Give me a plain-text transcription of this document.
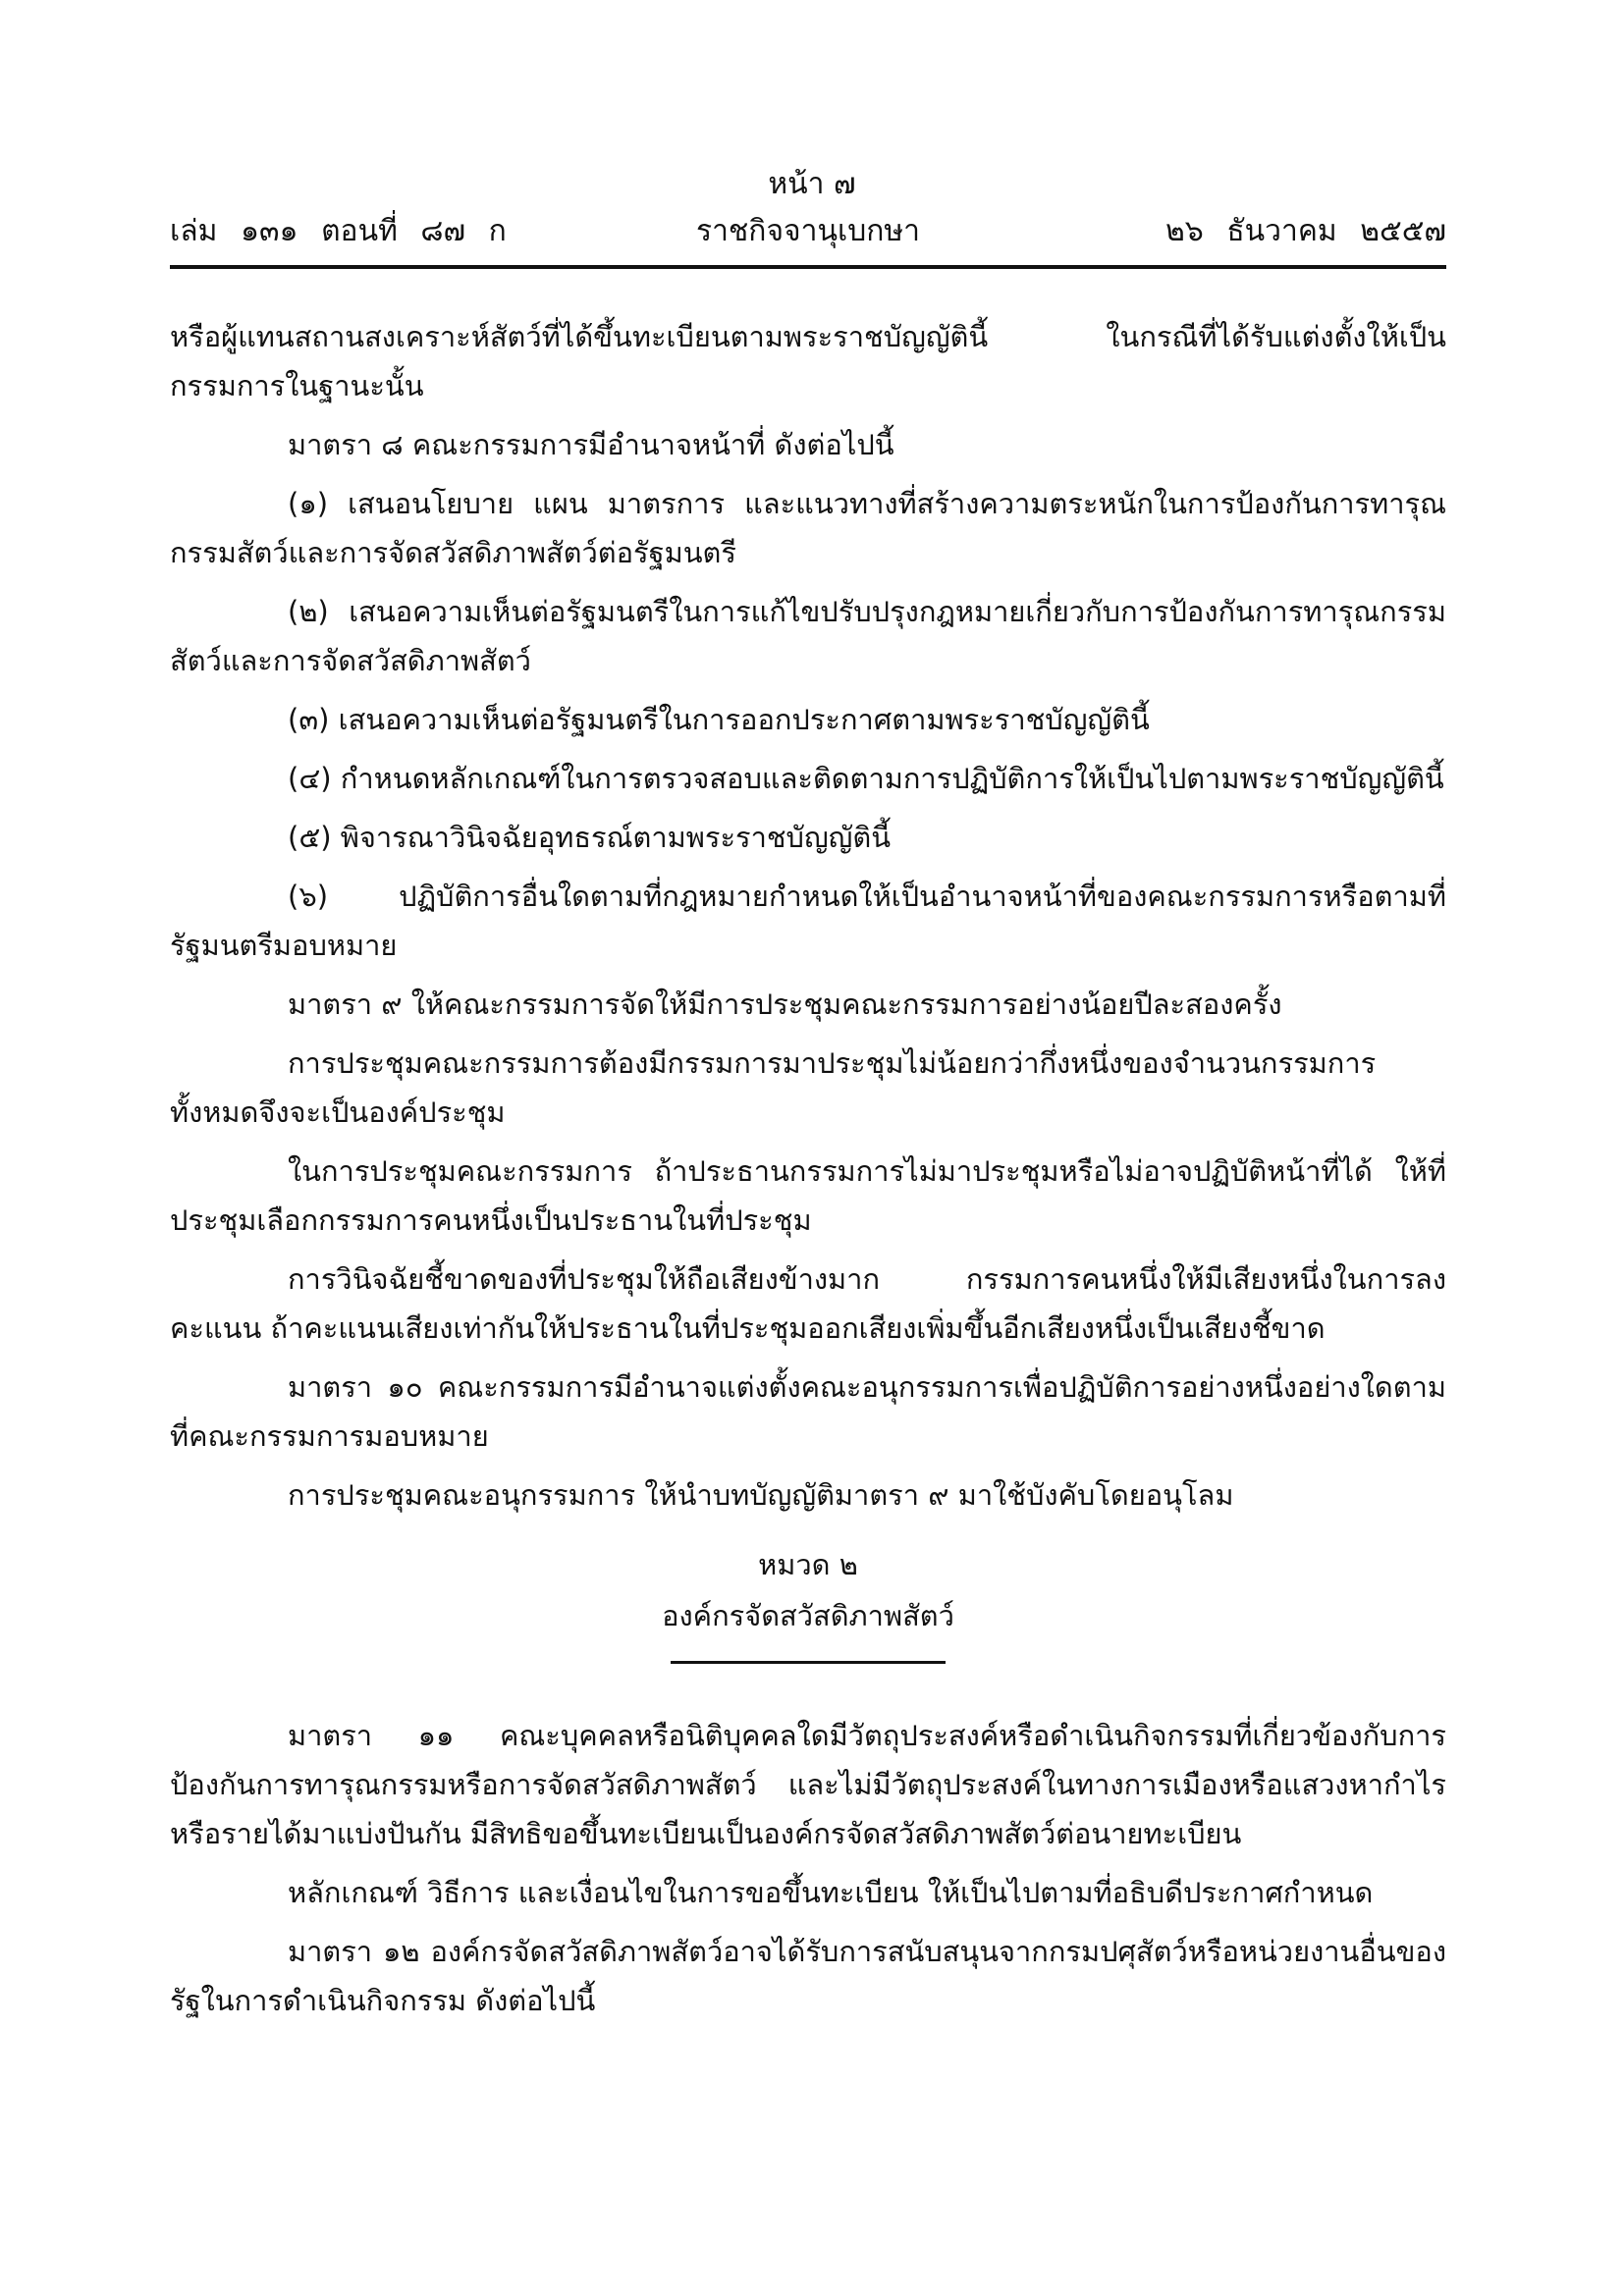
หน้า ๗
เล่ม ๑๓๑ ตอนที่ ๘๗ ก	ราชกิจจานุเบกษา	๒๖ ธันวาคม ๒๕๕๗

หรือผู้แทนสถานสงเคราะห์สัตว์ที่ได้ขึ้นทะเบียนตามพระราชบัญญัตินี้ ในกรณีที่ได้รับแต่งตั้งให้เป็นกรรมการในฐานะนั้น

มาตรา ๘ คณะกรรมการมีอำนาจหน้าที่ ดังต่อไปนี้

(๑) เสนอนโยบาย แผน มาตรการ และแนวทางที่สร้างความตระหนักในการป้องกันการทารุณกรรมสัตว์และการจัดสวัสดิภาพสัตว์ต่อรัฐมนตรี

(๒) เสนอความเห็นต่อรัฐมนตรีในการแก้ไขปรับปรุงกฎหมายเกี่ยวกับการป้องกันการทารุณกรรมสัตว์และการจัดสวัสดิภาพสัตว์

(๓) เสนอความเห็นต่อรัฐมนตรีในการออกประกาศตามพระราชบัญญัตินี้

(๔) กำหนดหลักเกณฑ์ในการตรวจสอบและติดตามการปฏิบัติการให้เป็นไปตามพระราชบัญญัตินี้

(๕) พิจารณาวินิจฉัยอุทธรณ์ตามพระราชบัญญัตินี้

(๖) ปฏิบัติการอื่นใดตามที่กฎหมายกำหนดให้เป็นอำนาจหน้าที่ของคณะกรรมการหรือตามที่รัฐมนตรีมอบหมาย

มาตรา ๙ ให้คณะกรรมการจัดให้มีการประชุมคณะกรรมการอย่างน้อยปีละสองครั้ง

การประชุมคณะกรรมการต้องมีกรรมการมาประชุมไม่น้อยกว่ากึ่งหนึ่งของจำนวนกรรมการทั้งหมดจึงจะเป็นองค์ประชุม

ในการประชุมคณะกรรมการ ถ้าประธานกรรมการไม่มาประชุมหรือไม่อาจปฏิบัติหน้าที่ได้ ให้ที่ประชุมเลือกกรรมการคนหนึ่งเป็นประธานในที่ประชุม

การวินิจฉัยชี้ขาดของที่ประชุมให้ถือเสียงข้างมาก กรรมการคนหนึ่งให้มีเสียงหนึ่งในการลงคะแนน ถ้าคะแนนเสียงเท่ากันให้ประธานในที่ประชุมออกเสียงเพิ่มขึ้นอีกเสียงหนึ่งเป็นเสียงชี้ขาด

มาตรา ๑๐ คณะกรรมการมีอำนาจแต่งตั้งคณะอนุกรรมการเพื่อปฏิบัติการอย่างหนึ่งอย่างใดตามที่คณะกรรมการมอบหมาย

การประชุมคณะอนุกรรมการ ให้นำบทบัญญัติมาตรา ๙ มาใช้บังคับโดยอนุโลม

หมวด ๒
องค์กรจัดสวัสดิภาพสัตว์

มาตรา ๑๑ คณะบุคคลหรือนิติบุคคลใดมีวัตถุประสงค์หรือดำเนินกิจกรรมที่เกี่ยวข้องกับการป้องกันการทารุณกรรมหรือการจัดสวัสดิภาพสัตว์ และไม่มีวัตถุประสงค์ในทางการเมืองหรือแสวงหากำไรหรือรายได้มาแบ่งปันกัน มีสิทธิขอขึ้นทะเบียนเป็นองค์กรจัดสวัสดิภาพสัตว์ต่อนายทะเบียน

หลักเกณฑ์ วิธีการ และเงื่อนไขในการขอขึ้นทะเบียน ให้เป็นไปตามที่อธิบดีประกาศกำหนด

มาตรา ๑๒ องค์กรจัดสวัสดิภาพสัตว์อาจได้รับการสนับสนุนจากกรมปศุสัตว์หรือหน่วยงานอื่นของรัฐในการดำเนินกิจกรรม ดังต่อไปนี้
